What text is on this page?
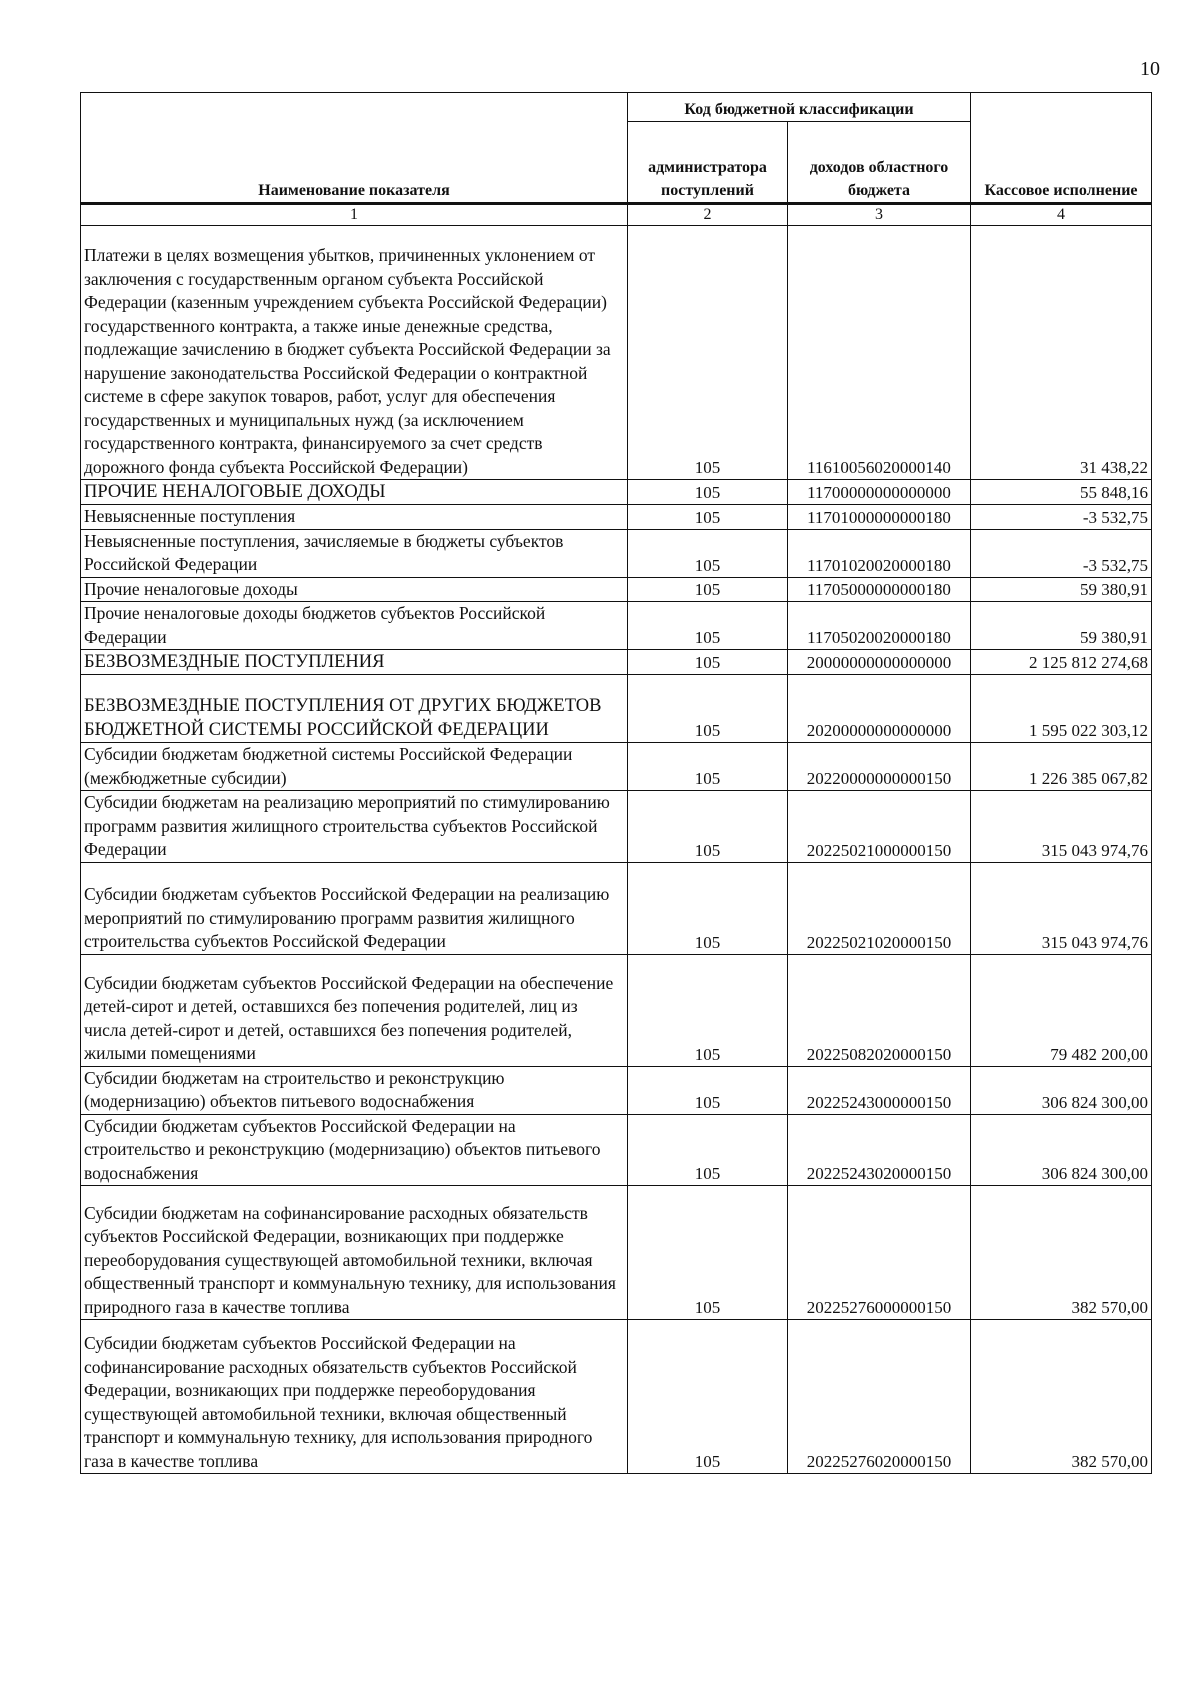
10
Наименование показателя	Код бюджетной классификации		Кассовое исполнение
	администратора поступлений	доходов областного бюджета	
1	2	3	4
Платежи в целях возмещения убытков, причиненных уклонением от заключения с государственным органом субъекта Российской Федерации (казенным учреждением субъекта Российской Федерации) государственного контракта, а также иные денежные средства, подлежащие зачислению в бюджет субъекта Российской Федерации за нарушение законодательства Российской Федерации о контрактной системе в сфере закупок товаров, работ, услуг для обеспечения государственных и муниципальных нужд (за исключением государственного контракта, финансируемого за счет средств дорожного фонда субъекта Российской Федерации)	105	11610056020000140	31 438,22
ПРОЧИЕ НЕНАЛОГОВЫЕ ДОХОДЫ	105	11700000000000000	55 848,16
Невыясненные поступления	105	11701000000000180	-3 532,75
Невыясненные поступления, зачисляемые в бюджеты субъектов Российской Федерации	105	11701020020000180	-3 532,75
Прочие неналоговые доходы	105	11705000000000180	59 380,91
Прочие неналоговые доходы бюджетов субъектов Российской Федерации	105	11705020020000180	59 380,91
БЕЗВОЗМЕЗДНЫЕ ПОСТУПЛЕНИЯ	105	20000000000000000	2 125 812 274,68
БЕЗВОЗМЕЗДНЫЕ ПОСТУПЛЕНИЯ ОТ ДРУГИХ БЮДЖЕТОВ БЮДЖЕТНОЙ СИСТЕМЫ РОССИЙСКОЙ ФЕДЕРАЦИИ	105	20200000000000000	1 595 022 303,12
Субсидии бюджетам бюджетной системы Российской Федерации (межбюджетные субсидии)	105	20220000000000150	1 226 385 067,82
Субсидии бюджетам на реализацию мероприятий по стимулированию программ развития жилищного строительства субъектов Российской Федерации	105	20225021000000150	315 043 974,76
Субсидии бюджетам субъектов Российской Федерации на реализацию мероприятий по стимулированию программ развития жилищного строительства субъектов Российской Федерации	105	20225021020000150	315 043 974,76
Субсидии бюджетам субъектов Российской Федерации на обеспечение детей-сирот и детей, оставшихся без попечения родителей, лиц из числа детей-сирот и детей, оставшихся без попечения родителей, жилыми помещениями	105	20225082020000150	79 482 200,00
Субсидии бюджетам на строительство и реконструкцию (модернизацию) объектов питьевого водоснабжения	105	20225243000000150	306 824 300,00
Субсидии бюджетам субъектов Российской Федерации на строительство и реконструкцию (модернизацию) объектов питьевого водоснабжения	105	20225243020000150	306 824 300,00
Субсидии бюджетам на софинансирование расходных обязательств субъектов Российской Федерации, возникающих при поддержке переоборудования существующей автомобильной техники, включая общественный транспорт и коммунальную технику, для использования природного газа в качестве топлива	105	20225276000000150	382 570,00
Субсидии бюджетам субъектов Российской Федерации на софинансирование расходных обязательств субъектов Российской Федерации, возникающих при поддержке переоборудования существующей автомобильной техники, включая общественный транспорт и коммунальную технику, для использования природного газа в качестве топлива	105	20225276020000150	382 570,00
